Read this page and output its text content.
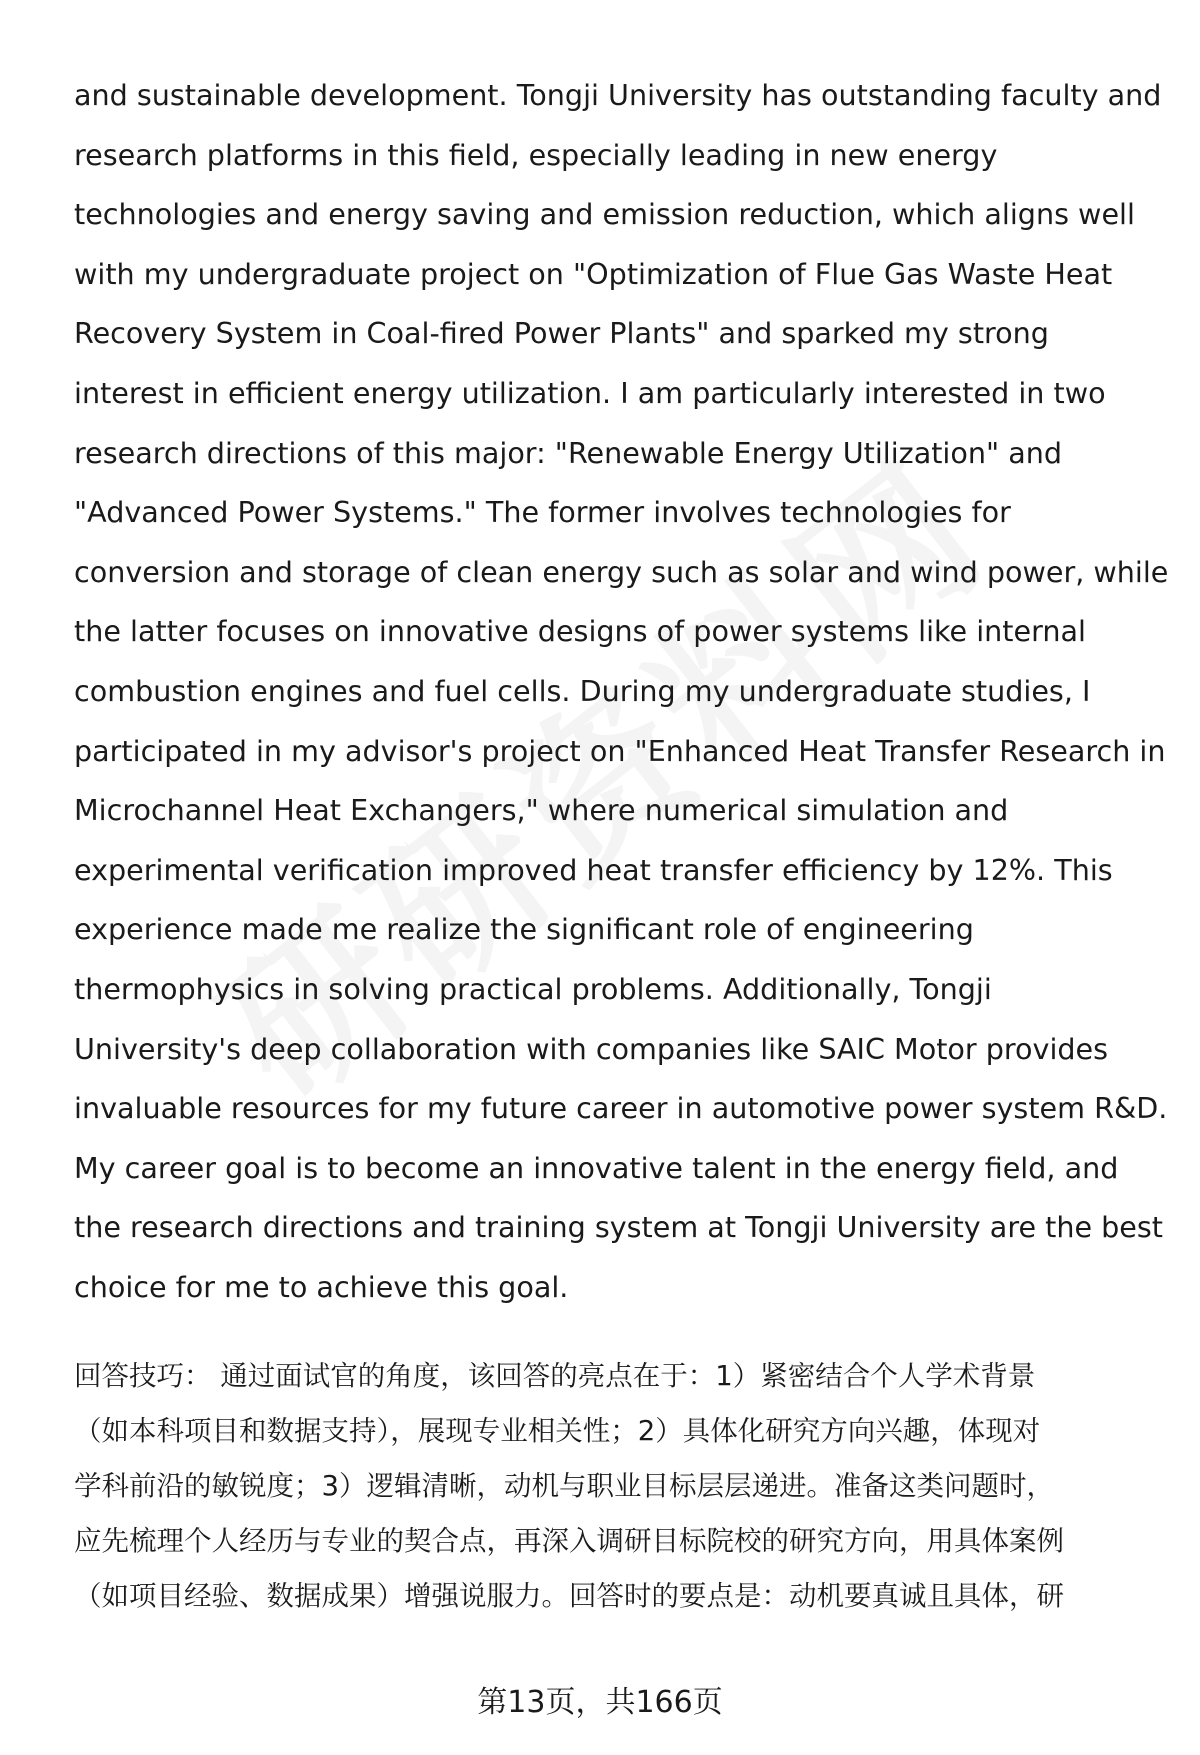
and sustainable development. Tongji University has outstanding faculty and
research platforms in this field, especially leading in new energy
technologies and energy saving and emission reduction, which aligns well
with my undergraduate project on "Optimization of Flue Gas Waste Heat
Recovery System in Coal-fired Power Plants" and sparked my strong
interest in efficient energy utilization. I am particularly interested in two
research directions of this major: "Renewable Energy Utilization" and
"Advanced Power Systems." The former involves technologies for
conversion and storage of clean energy such as solar and wind power, while
the latter focuses on innovative designs of power systems like internal
combustion engines and fuel cells. During my undergraduate studies, I
participated in my advisor's project on "Enhanced Heat Transfer Research in
Microchannel Heat Exchangers," where numerical simulation and
experimental verification improved heat transfer efficiency by 12%. This
experience made me realize the significant role of engineering
thermophysics in solving practical problems. Additionally, Tongji
University's deep collaboration with companies like SAIC Motor provides
invaluable resources for my future career in automotive power system R&D.
My career goal is to become an innovative talent in the energy field, and
the research directions and training system at Tongji University are the best
choice for me to achieve this goal.
回答技巧： 通过面试官的角度，该回答的亮点在于：1）紧密结合个人学术背景
（如本科项目和数据支持），展现专业相关性；2）具体化研究方向兴趣，体现对
学科前沿的敏锐度；3）逻辑清晰，动机与职业目标层层递进。准备这类问题时，
应先梳理个人经历与专业的契合点，再深入调研目标院校的研究方向，用具体案例
（如项目经验、数据成果）增强说服力。回答时的要点是：动机要真诚且具体，研
第13页，共166页
